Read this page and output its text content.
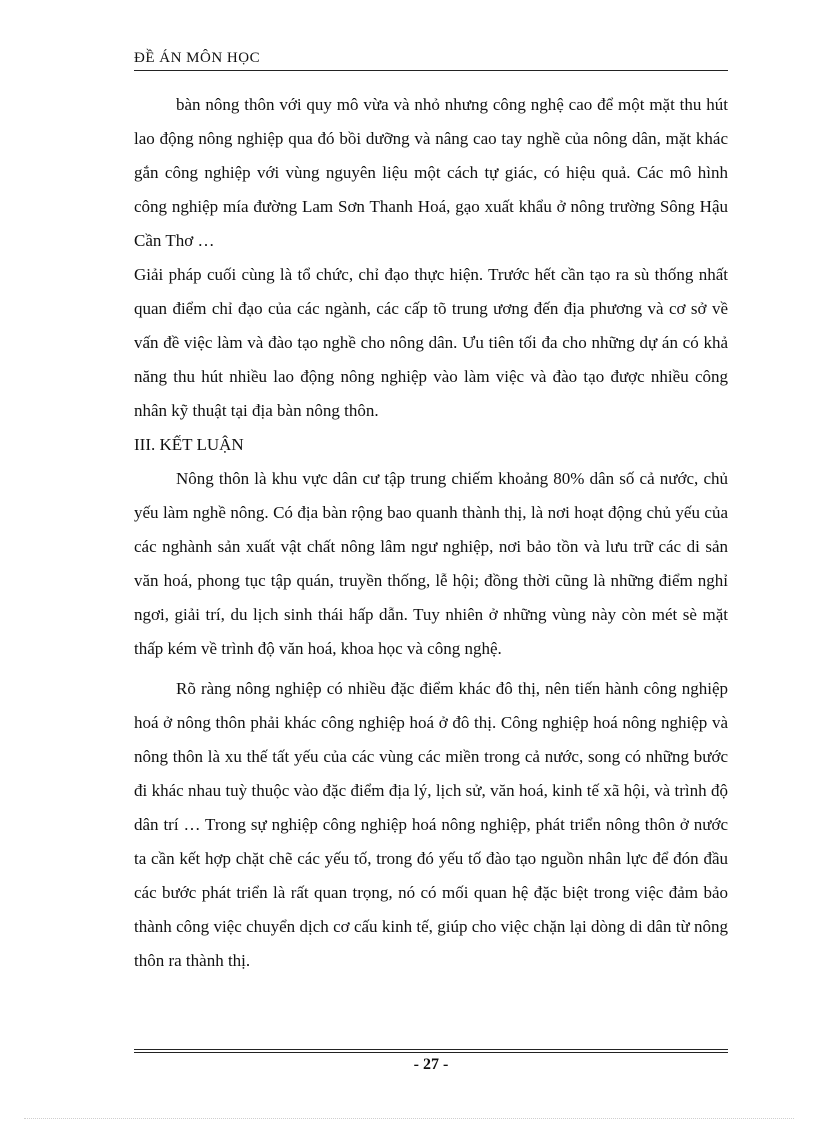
ĐỀ ÁN MÔN HỌC

bàn nông thôn với quy mô vừa và nhỏ nhưng công nghệ cao để một mặt thu hút lao động nông nghiệp qua đó bồi dưỡng và nâng cao tay nghề của nông dân, mặt khác gắn công nghiệp với vùng nguyên liệu một cách tự giác, có hiệu quả. Các mô hình công nghiệp mía đường Lam Sơn Thanh Hoá, gạo xuất khẩu ở nông trường Sông Hậu Cần Thơ …

Giải pháp cuối cùng là tổ chức, chỉ đạo thực hiện. Trước hết cần tạo ra sù thống nhất quan điểm chỉ đạo của các ngành, các cấp tõ trung ương đến địa phương và cơ sở về vấn đề việc làm và đào tạo nghề cho nông dân. Ưu tiên tối đa cho những dự án có khả năng thu hút nhiều lao động nông nghiệp vào làm việc và đào tạo được nhiều công nhân kỹ thuật tại địa bàn nông thôn.

III. KẾT LUẬN

Nông thôn là khu vực dân cư tập trung chiếm khoảng 80% dân số cả nước, chủ yếu làm nghề nông. Có địa bàn rộng bao quanh thành thị, là nơi hoạt động chủ yếu của các nghành sản xuất vật chất nông lâm ngư nghiệp, nơi bảo tồn và lưu trữ các di sản văn hoá, phong tục tập quán, truyền thống, lễ hội; đồng thời cũng là những điểm nghỉ ngơi, giải trí, du lịch sinh thái hấp dẫn. Tuy nhiên ở những vùng này còn mét sè mặt thấp kém về trình độ văn hoá, khoa học và công nghệ.

Rõ ràng nông nghiệp có nhiều đặc điểm khác đô thị, nên tiến hành công nghiệp hoá ở nông thôn phải khác công nghiệp hoá ở đô thị. Công nghiệp hoá nông nghiệp và nông thôn là xu thế tất yếu của các vùng các miền trong cả nước, song có những bước đi khác nhau tuỳ thuộc vào đặc điểm địa lý, lịch sử, văn hoá, kinh tế xã hội, và trình độ dân trí … Trong sự nghiệp công nghiệp hoá nông nghiệp, phát triển nông thôn ở nước ta cần kết hợp chặt chẽ các yếu tố, trong đó yếu tố đào tạo nguồn nhân lực để đón đầu các bước phát triển là rất quan trọng, nó có mối quan hệ đặc biệt trong việc đảm bảo thành công việc chuyển dịch cơ cấu kinh tế, giúp cho việc chặn lại dòng di dân từ nông thôn ra thành thị.

- 27 -
